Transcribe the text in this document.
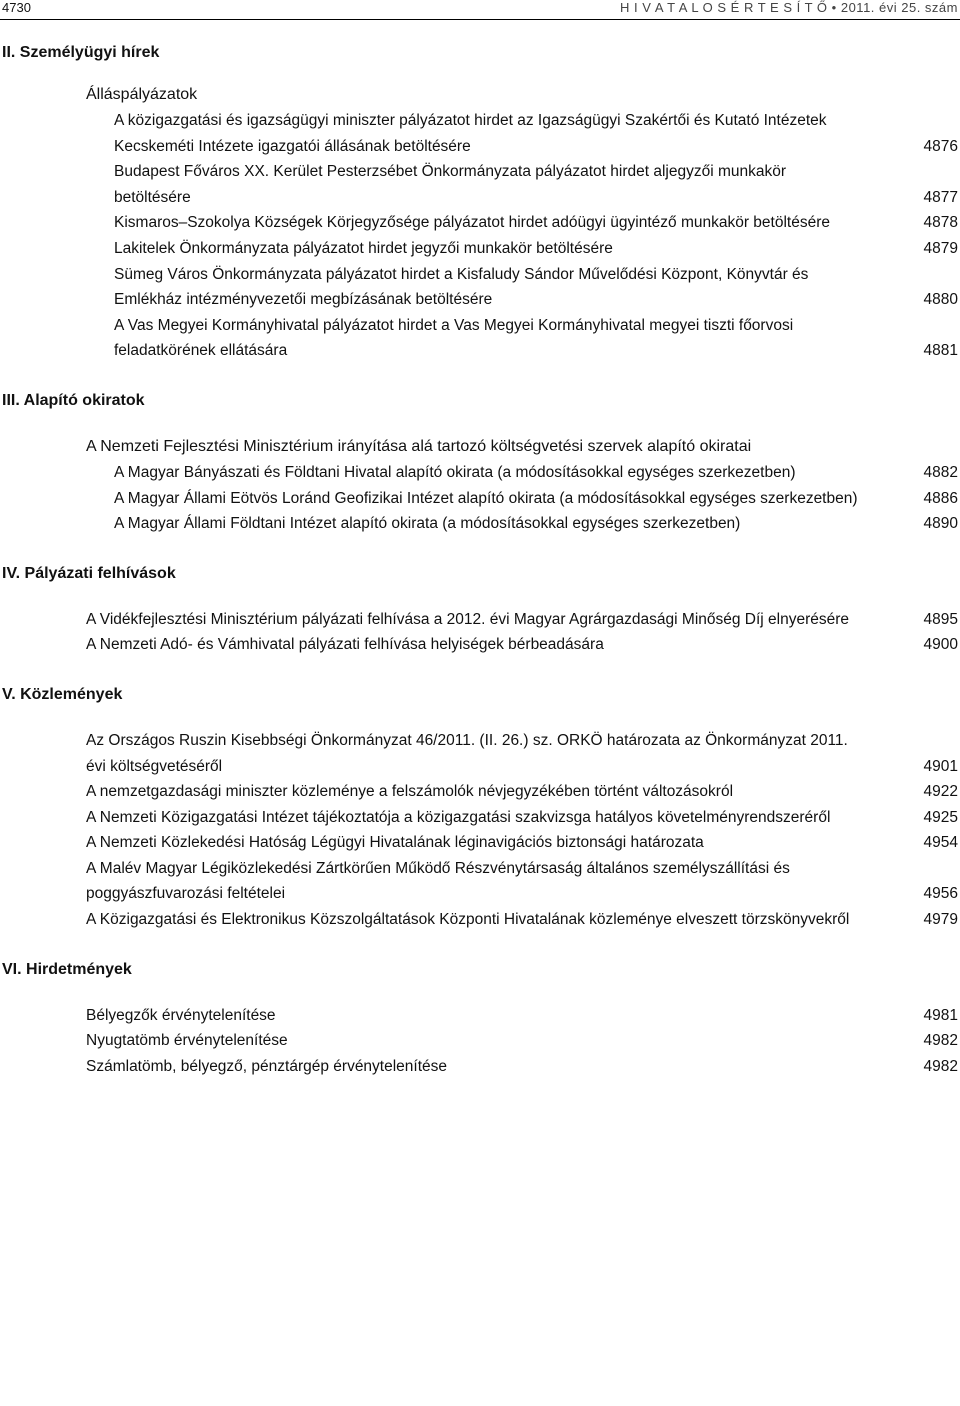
4730	H I V A T A L O S É R T E S Í T Ő • 2011. évi 25. szám
II. Személyügyi hírek
Álláspályázatok
A közigazgatási és igazságügyi miniszter pályázatot hirdet az Igazságügyi Szakértői és Kutató Intézetek Kecskeméti Intézete igazgatói állásának betöltésére	4876
Budapest Főváros XX. Kerület Pesterzsébet Önkormányzata pályázatot hirdet aljegyzői munkakör betöltésére	4877
Kismaros–Szokolya Községek Körjegyzősége pályázatot hirdet adóügyi ügyintéző munkakör betöltésére	4878
Lakitelek Önkormányzata pályázatot hirdet jegyzői munkakör betöltésére	4879
Sümeg Város Önkormányzata pályázatot hirdet a Kisfaludy Sándor Művelődési Központ, Könyvtár és Emlékház intézményvezetői megbízásának betöltésére	4880
A Vas Megyei Kormányhivatal pályázatot hirdet a Vas Megyei Kormányhivatal megyei tiszti főorvosi feladatkörének ellátására	4881
III. Alapító okiratok
A Nemzeti Fejlesztési Minisztérium irányítása alá tartozó költségvetési szervek alapító okiratai
A Magyar Bányászati és Földtani Hivatal alapító okirata (a módosításokkal egységes szerkezetben)	4882
A Magyar Állami Eötvös Loránd Geofizikai Intézet alapító okirata (a módosításokkal egységes szerkezetben)	4886
A Magyar Állami Földtani Intézet alapító okirata (a módosításokkal egységes szerkezetben)	4890
IV. Pályázati felhívások
A Vidékfejlesztési Minisztérium pályázati felhívása a 2012. évi Magyar Agrárgazdasági Minőség Díj elnyerésére	4895
A Nemzeti Adó- és Vámhivatal pályázati felhívása helyiségek bérbeadására	4900
V. Közlemények
Az Országos Ruszin Kisebbségi Önkormányzat 46/2011. (II. 26.) sz. ORKÖ határozata az Önkormányzat 2011. évi költségvetéséről	4901
A nemzetgazdasági miniszter közleménye a felszámolók névjegyzékében történt változásokról	4922
A Nemzeti Közigazgatási Intézet tájékoztatója a közigazgatási szakvizsga hatályos követelményrendszeréről	4925
A Nemzeti Közlekedési Hatóság Légügyi Hivatalának léginavigációs biztonsági határozata	4954
A Malév Magyar Légiközlekedési Zártkörűen Működő Részvénytársaság általános személyszállítási és poggyászfuvarozási feltételei	4956
A Közigazgatási és Elektronikus Közszolgáltatások Központi Hivatalának közleménye elveszett törzskönyvekről	4979
VI. Hirdetmények
Bélyegzők érvénytelenítése	4981
Nyugtatömb érvénytelenítése	4982
Számlatömb, bélyegző, pénztárgép érvénytelenítése	4982
